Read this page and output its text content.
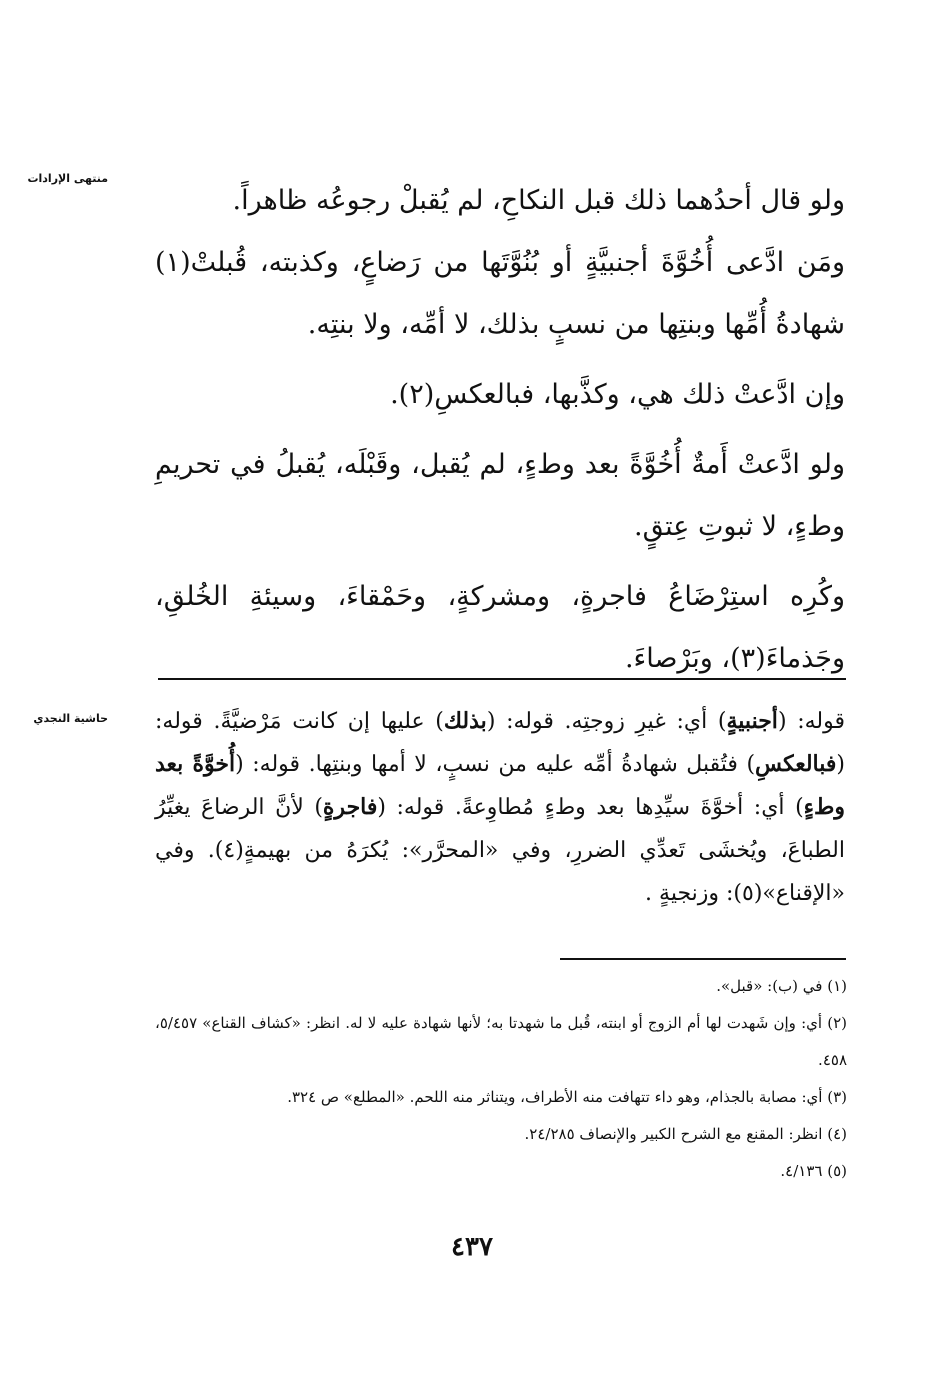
منتهى الإرادات
حاشية النجدي

ولو قال أحدُهما ذلك قبل النكاحِ، لم يُقبلْ رجوعُه ظاهراً.

ومَن ادَّعى أُخُوَّةَ أجنبيَّةٍ أو بُنُوَّتَها من رَضاعٍ، وكذبته، قُبلتْ(١) شهادةُ أُمِّها وبنتِها من نسبٍ بذلك، لا أمِّه، ولا بنتِه.

وإن ادَّعتْ ذلك هي، وكذَّبها، فبالعكسِ(٢).

ولو ادَّعتْ أَمةٌ أُخُوَّةً بعد وطءٍ، لم يُقبل، وقَبْلَه، يُقبلُ في تحريمِ وطءٍ، لا ثبوتِ عِتقٍ.

وكُرِه استِرْضَاعُ فاجرةٍ، ومشركةٍ، وحَمْقاءَ، وسيئةِ الخُلقِ، وجَذماءَ(٣)، وبَرْصاءَ.

قوله: (أجنبيةٍ) أي: غيرِ زوجتِه. قوله: (بذلك) عليها إن كانت مَرْضيَّةً. قوله: (فبالعكسِ) فتُقبل شهادةُ أمِّه عليه من نسبٍ، لا أمها وبنتِها. قوله: (أُخوَّةً بعد وطءٍ) أي: أخوَّةَ سيِّدِها بعد وطءٍ مُطاوِعةً. قوله: (فاجرةٍ) لأنَّ الرضاعَ يغيِّرُ الطباعَ، ويُخشَى تَعدِّي الضررِ، وفي «المحرَّر»: يُكرَهُ من بهيمةٍ(٤). وفي «الإقناع»(٥): وزنجيةٍ .

(١) في (ب): «قبل».

(٢) أي: وإن شَهدت لها أم الزوج أو ابنته، قُبل ما شهدتا به؛ لأنها شهادة عليه لا له. انظر: «كشاف القناع» ٥/٤٥٧، ٤٥٨.

(٣) أي: مصابة بالجذام، وهو داء تتهافت منه الأطراف، ويتناثر منه اللحم. «المطلع» ص ٣٢٤.

(٤) انظر: المقنع مع الشرح الكبير والإنصاف ٢٤/٢٨٥.

(٥) ٤/١٣٦.

٤٣٧
